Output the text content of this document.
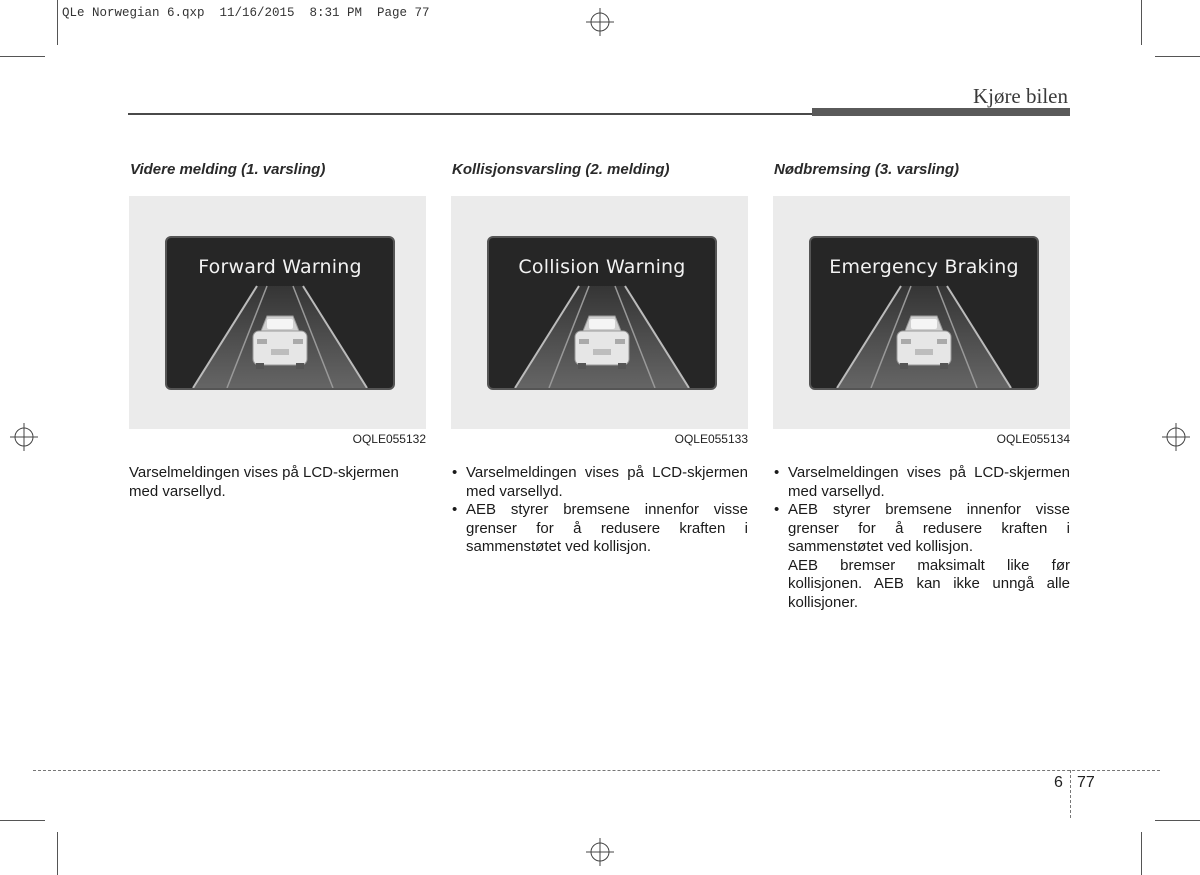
QLe Norwegian 6.qxp  11/16/2015  8:31 PM  Page 77
Kjøre bilen
Videre melding (1. varsling)
Forward Warning
OQLE055132

Varselmeldingen vises på LCD-skjermen med varsellyd.

Kollisjonsvarsling (2. melding)
Collision Warning
OQLE055133
• Varselmeldingen vises på LCD-skjermen med varsellyd.
• AEB styrer bremsene innenfor visse grenser for å redusere kraften i sammenstøtet ved kollisjon.
Nødbremsing (3. varsling)
Emergency Braking
OQLE055134
• Varselmeldingen vises på LCD-skjermen med varsellyd.
• AEB styrer bremsene innenfor visse grenser for å redusere kraften i sammenstøtet ved kollisjon.

AEB bremser maksimalt like før kollisjonen. AEB kan ikke unngå alle kollisjoner.

6 77
